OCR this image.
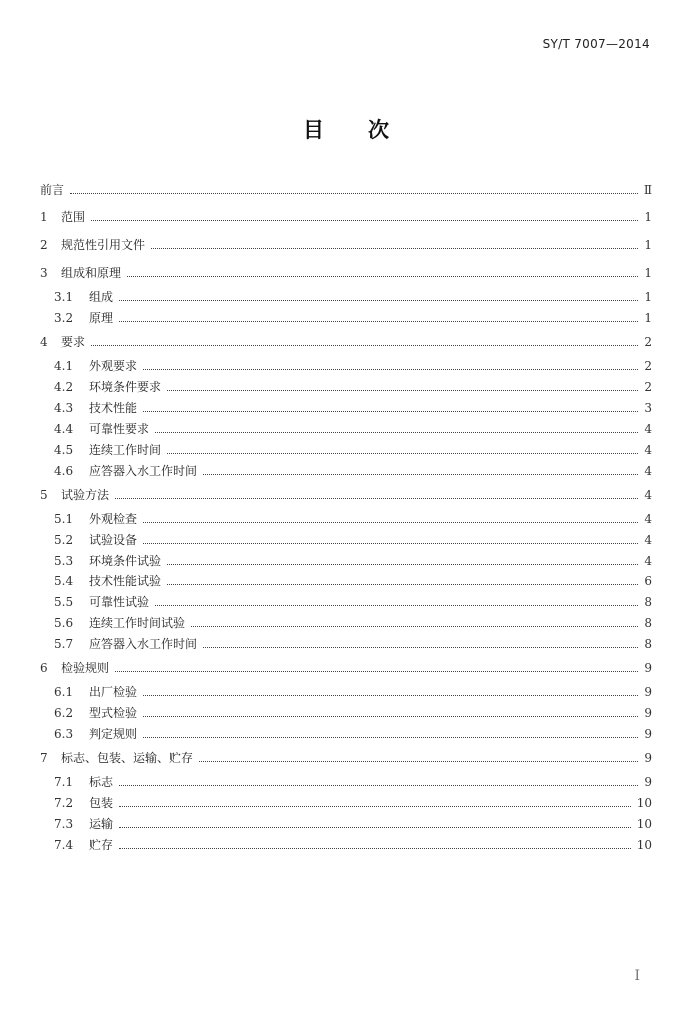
SY/T 7007—2014
目次
前言	Ⅱ
1	范围	1
2	规范性引用文件	1
3	组成和原理	1
3.1	组成	1
3.2	原理	1
4	要求	2
4.1	外观要求	2
4.2	环境条件要求	2
4.3	技术性能	3
4.4	可靠性要求	4
4.5	连续工作时间	4
4.6	应答器入水工作时间	4
5	试验方法	4
5.1	外观检查	4
5.2	试验设备	4
5.3	环境条件试验	4
5.4	技术性能试验	6
5.5	可靠性试验	8
5.6	连续工作时间试验	8
5.7	应答器入水工作时间	8
6	检验规则	9
6.1	出厂检验	9
6.2	型式检验	9
6.3	判定规则	9
7	标志、包装、运输、贮存	9
7.1	标志	9
7.2	包装	10
7.3	运输	10
7.4	贮存	10
I
